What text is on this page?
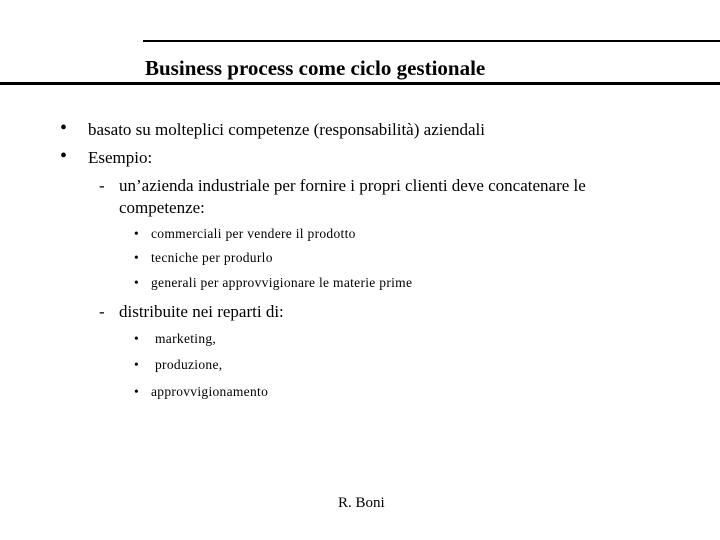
Business process come ciclo gestionale
• basato su molteplici competenze (responsabilità) aziendali
• Esempio:
- un’azienda industriale per fornire i propri clienti deve concatenare le
competenze:
• commerciali per vendere il prodotto
• tecniche per produrlo
• generali per approvvigionare le materie prime
- distribuite nei reparti di:
• marketing,
• produzione,
• approvvigionamento
R. Boni
